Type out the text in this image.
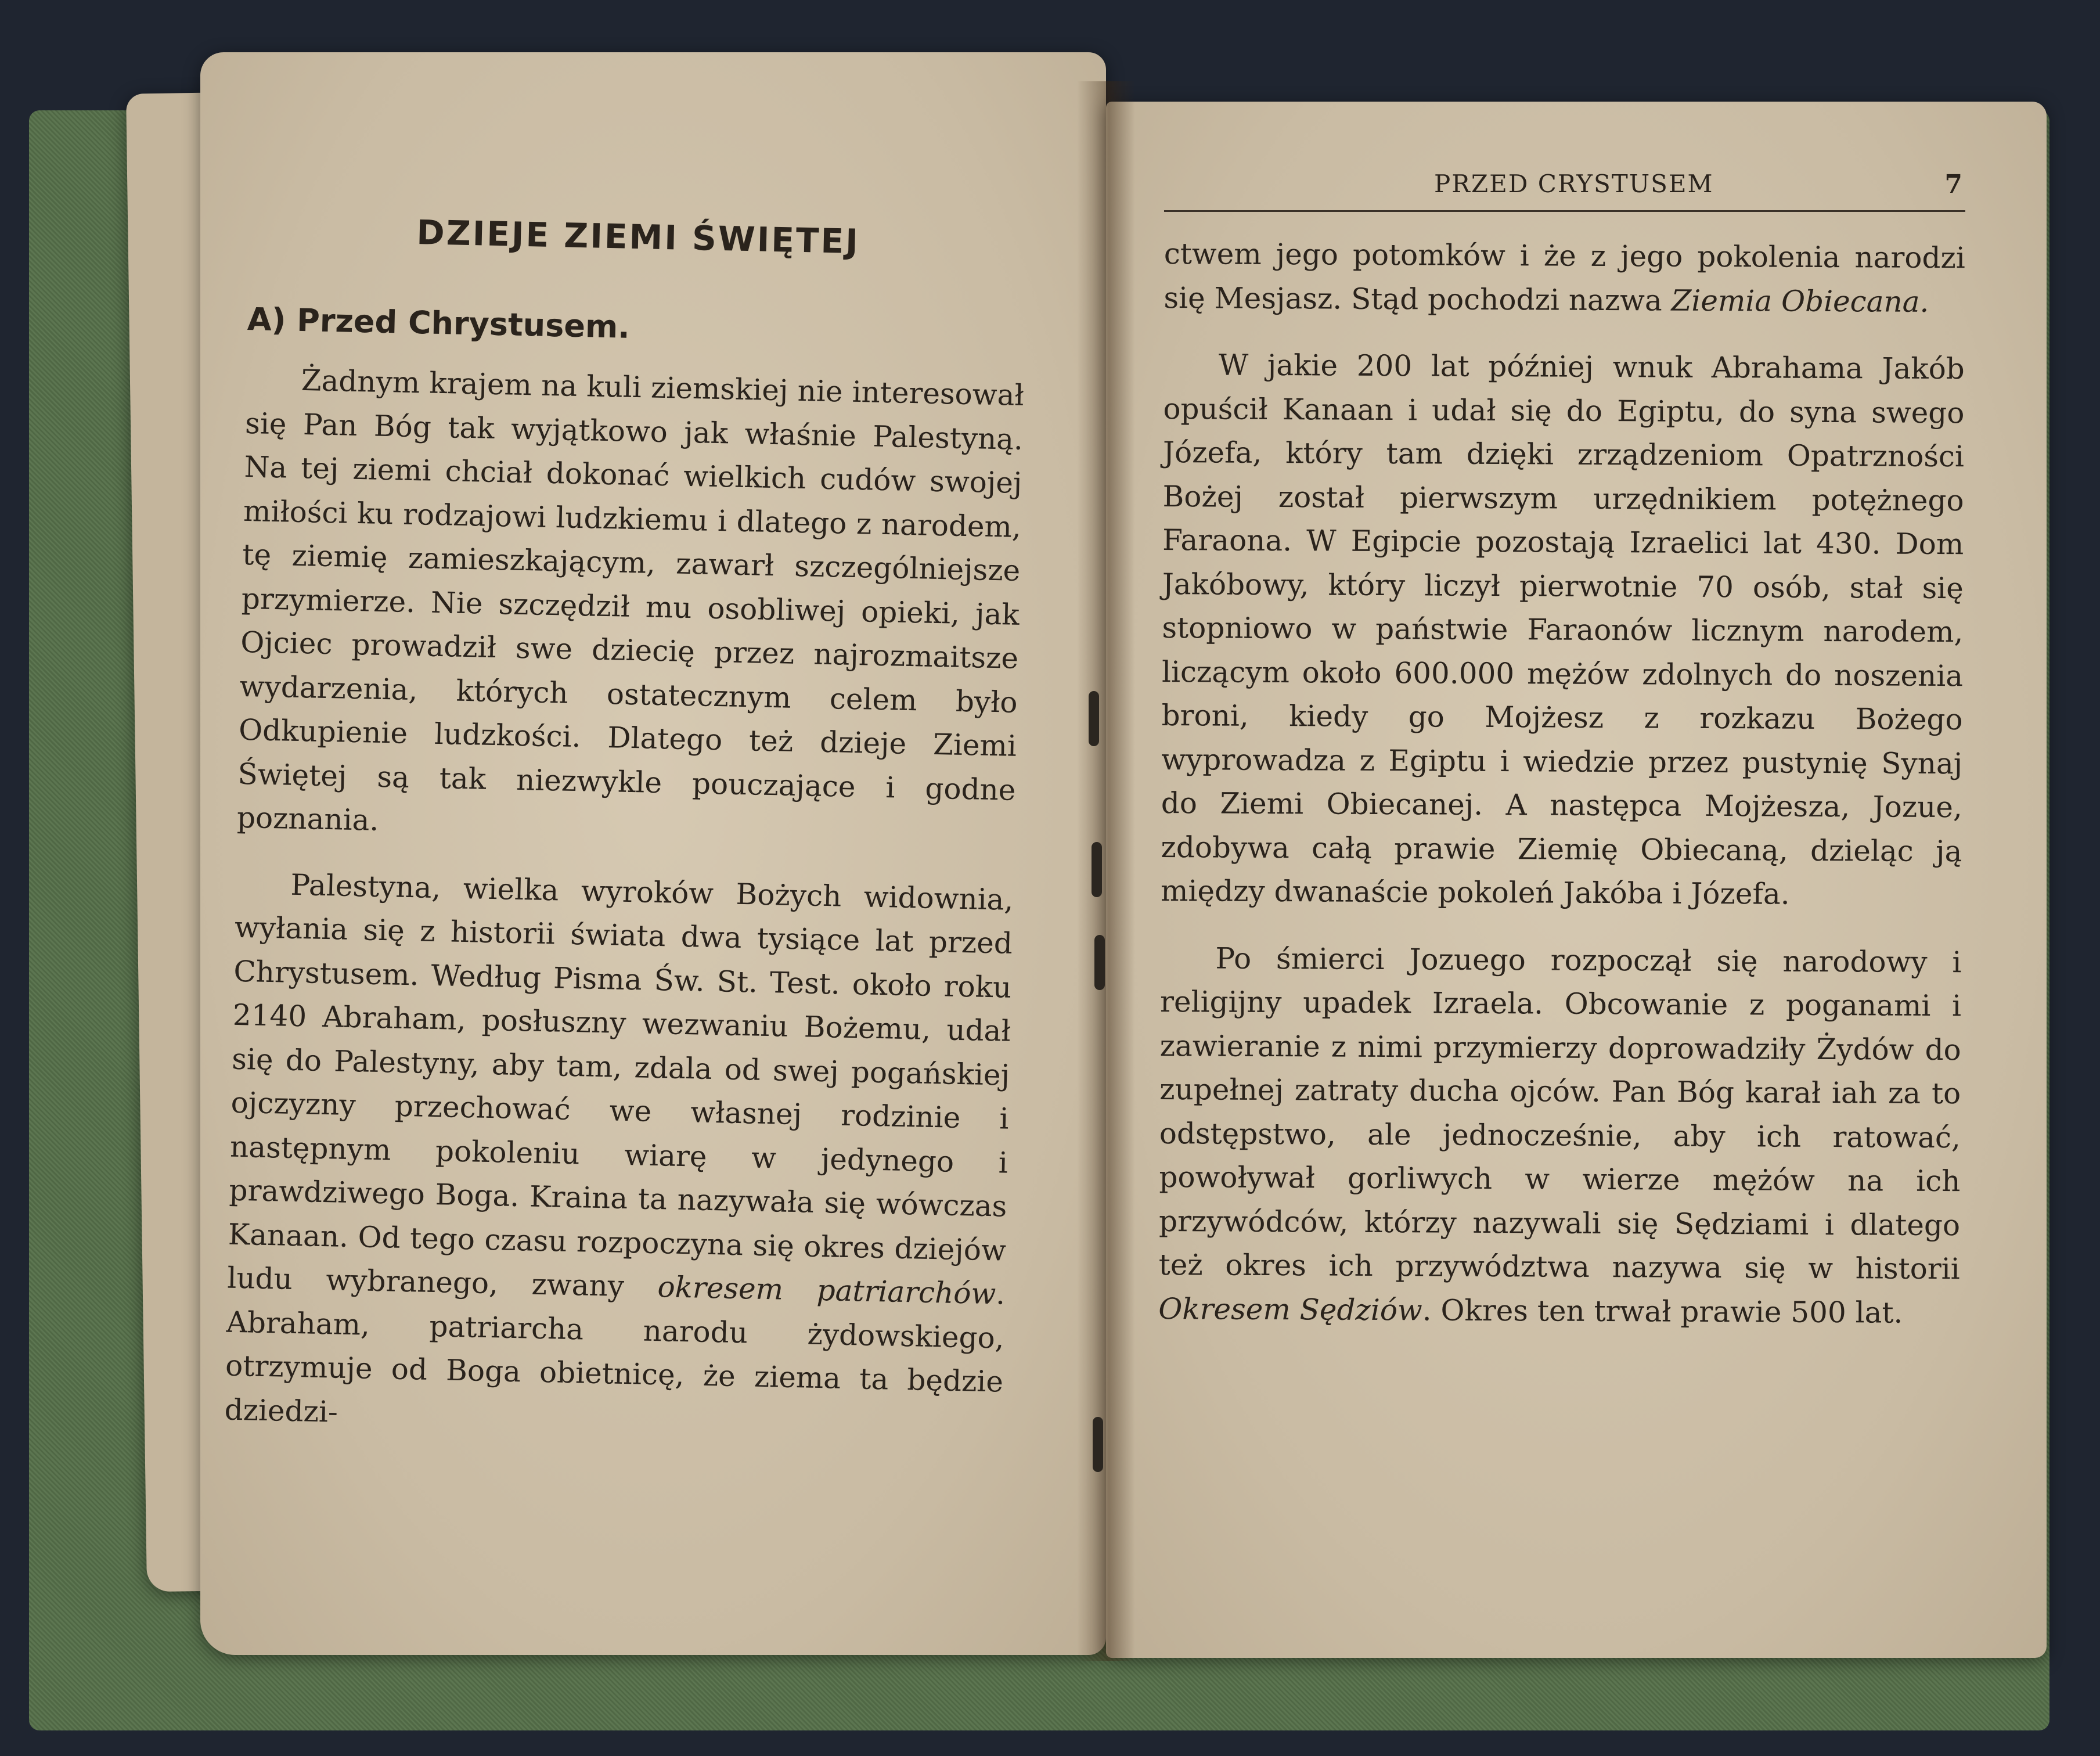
DZIEJE ZIEMI ŚWIĘTEJ
A) Przed Chrystusem.

Żadnym krajem na kuli ziemskiej nie interesował się Pan Bóg tak wyjątkowo jak właśnie Palestyną. Na tej ziemi chciał dokonać wielkich cudów swojej miłości ku rodzajowi ludzkiemu i dlatego z narodem, tę ziemię zamieszkającym, zawarł szczególniejsze przymierze. Nie szczędził mu osobliwej opieki, jak Ojciec prowadził swe dziecię przez najrozmaitsze wydarzenia, których ostatecznym celem było Odkupienie ludzkości. Dlatego też dzieje Ziemi Świętej są tak niezwykle pouczające i godne poznania.

Palestyna, wielka wyroków Bożych widownia, wyłania się z historii świata dwa tysiące lat przed Chrystusem. Według Pisma Św. St. Test. około roku 2140 Abraham, posłuszny wezwaniu Bożemu, udał się do Palestyny, aby tam, zdala od swej pogańskiej ojczyzny przechować we własnej rodzinie i następnym pokoleniu wiarę w jedynego i prawdziwego Boga. Kraina ta nazywała się wówczas Kanaan. Od tego czasu rozpoczyna się okres dziejów ludu wybranego, zwany okresem patriarchów. Abraham, patriarcha narodu żydowskiego, otrzymuje od Boga obietnicę, że ziema ta będzie dziedzi-

PRZED CRYSTUSEM	7

ctwem jego potomków i że z jego pokolenia narodzi się Mesjasz. Stąd pochodzi nazwa Ziemia Obiecana.

W jakie 200 lat później wnuk Abrahama Jakób opuścił Kanaan i udał się do Egiptu, do syna swego Józefa, który tam dzięki zrządzeniom Opatrzności Bożej został pierwszym urzędnikiem potężnego Faraona. W Egipcie pozostają Izraelici lat 430. Dom Jakóbowy, który liczył pierwotnie 70 osób, stał się stopniowo w państwie Faraonów licznym narodem, liczącym około 600.000 mężów zdolnych do noszenia broni, kiedy go Mojżesz z rozkazu Bożego wyprowadza z Egiptu i wiedzie przez pustynię Synaj do Ziemi Obiecanej. A następca Mojżesza, Jozue, zdobywa całą prawie Ziemię Obiecaną, dzieląc ją między dwanaście pokoleń Jakóba i Józefa.

Po śmierci Jozuego rozpoczął się narodowy i religijny upadek Izraela. Obcowanie z poganami i zawieranie z nimi przymierzy doprowadziły Żydów do zupełnej zatraty ducha ojców. Pan Bóg karał iah za to odstępstwo, ale jednocześnie, aby ich ratować, powoływał gorliwych w wierze mężów na ich przywódców, którzy nazywali się Sędziami i dlatego też okres ich przywództwa nazywa się w historii Okresem Sędziów. Okres ten trwał prawie 500 lat.
